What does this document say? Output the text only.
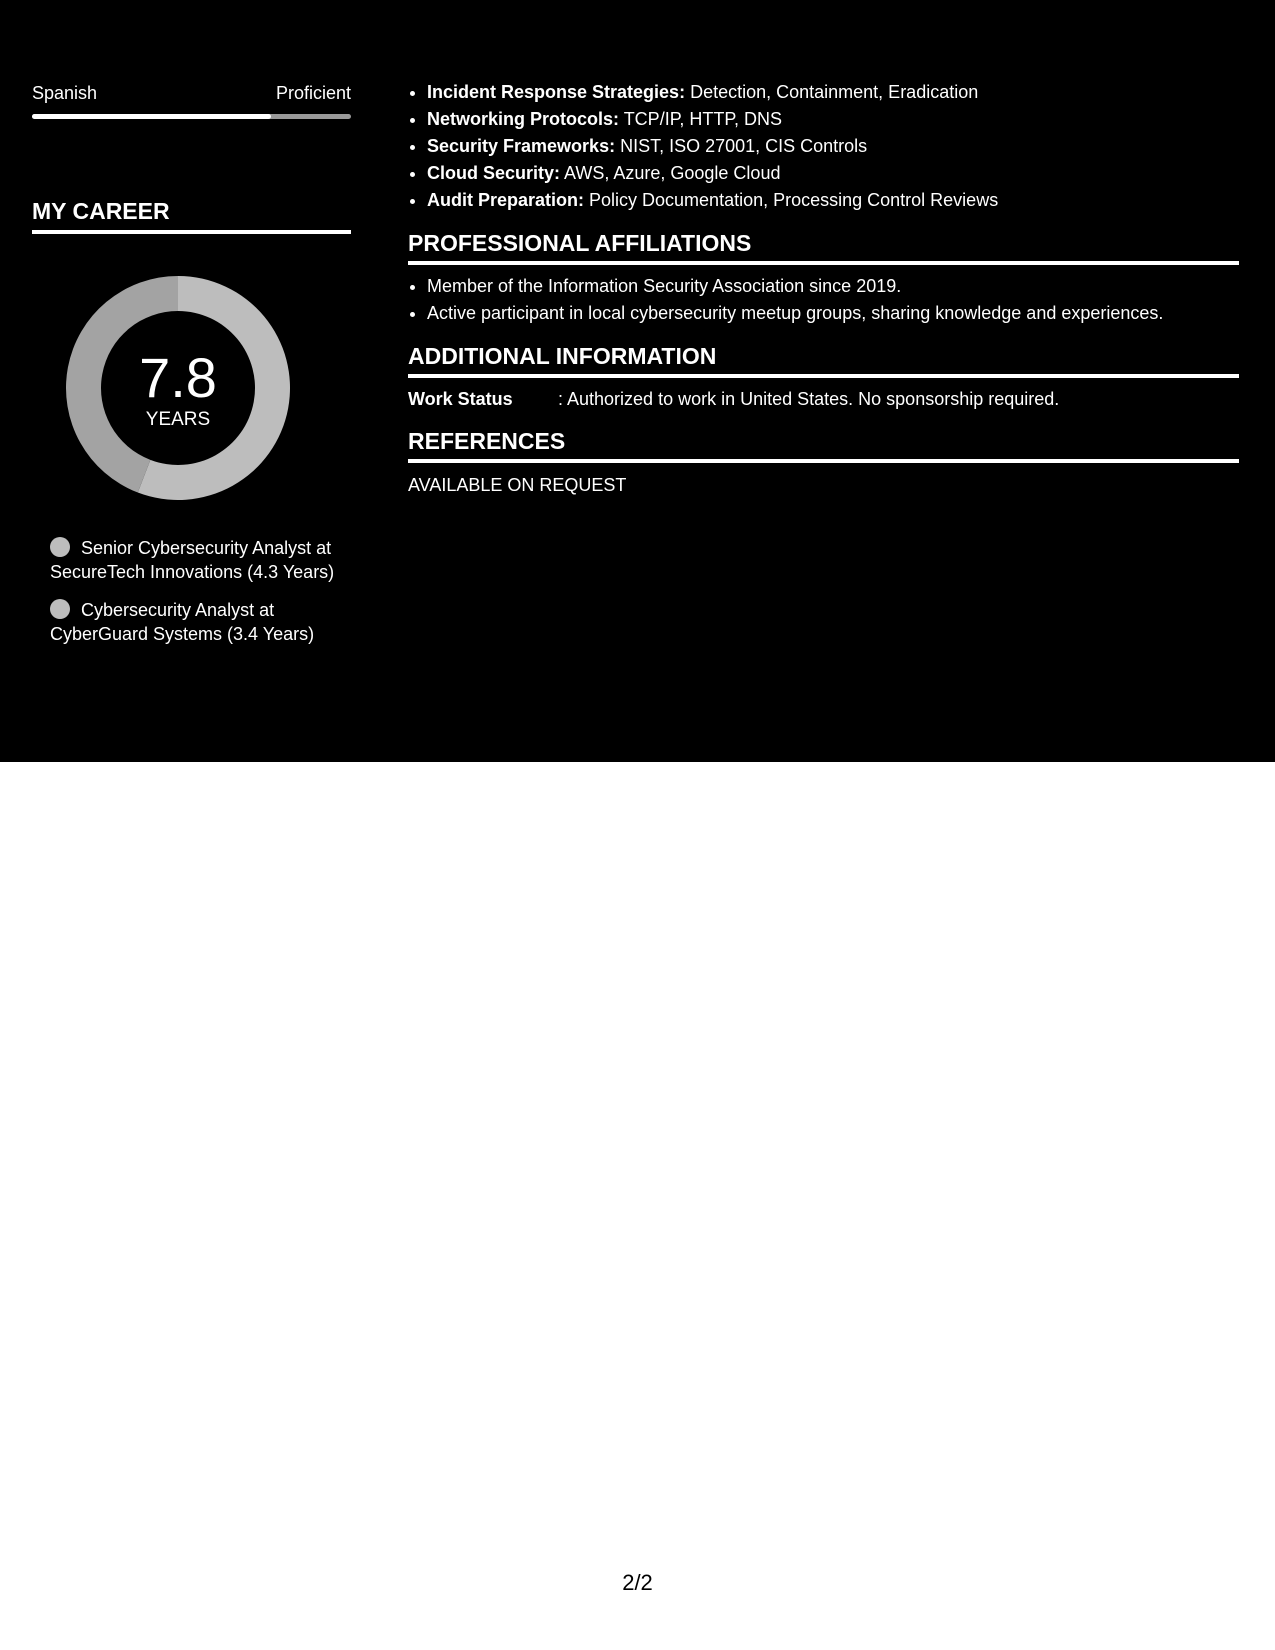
Spanish	Proficient
MY CAREER
7.8
YEARS
Senior Cybersecurity Analyst at SecureTech Innovations (4.3 Years)
Cybersecurity Analyst at CyberGuard Systems (3.4 Years)
• Incident Response Strategies: Detection, Containment, Eradication
• Networking Protocols: TCP/IP, HTTP, DNS
• Security Frameworks: NIST, ISO 27001, CIS Controls
• Cloud Security: AWS, Azure, Google Cloud
• Audit Preparation: Policy Documentation, Processing Control Reviews
PROFESSIONAL AFFILIATIONS
• Member of the Information Security Association since 2019.
• Active participant in local cybersecurity meetup groups, sharing knowledge and experiences.
ADDITIONAL INFORMATION
Work Status	: Authorized to work in United States. No sponsorship required.
REFERENCES
AVAILABLE ON REQUEST
2/2
